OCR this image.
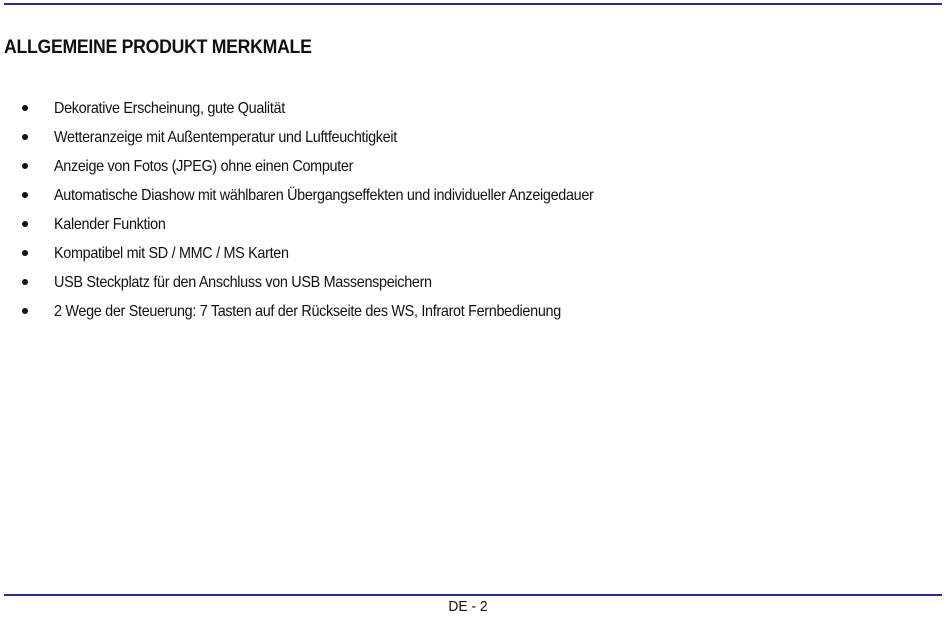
ALLGEMEINE PRODUKT MERKMALE
Dekorative Erscheinung, gute Qualität
Wetteranzeige mit Außentemperatur und Luftfeuchtigkeit
Anzeige von Fotos (JPEG) ohne einen Computer
Automatische Diashow mit wählbaren Übergangseffekten und individueller Anzeigedauer
Kalender Funktion
Kompatibel mit SD / MMC / MS Karten
USB Steckplatz für den Anschluss von USB Massenspeichern
2 Wege der Steuerung: 7 Tasten auf der Rückseite des WS, Infrarot Fernbedienung
DE - 2
